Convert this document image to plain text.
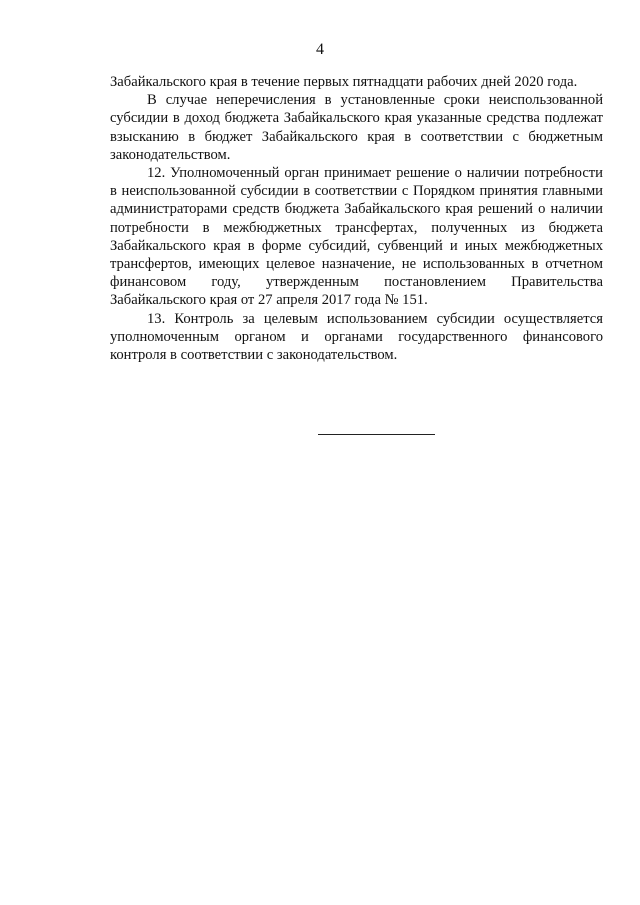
4

Забайкальского края в течение первых пятнадцати рабочих дней 2020 года.

В случае неперечисления в установленные сроки неиспользованной субсидии в доход бюджета Забайкальского края указанные средства подлежат взысканию в бюджет Забайкальского края в соответствии с бюджетным законодательством.

12. Уполномоченный орган принимает решение о наличии потребности в неиспользованной субсидии в соответствии с Порядком принятия главными администраторами средств бюджета Забайкальского края решений о наличии потребности в межбюджетных трансфертах, полученных из бюджета Забайкальского края в форме субсидий, субвенций и иных межбюджетных трансфертов, имеющих целевое назначение, не использованных в отчетном финансовом году, утвержденным постановлением Правительства Забайкальского края от 27 апреля 2017 года № 151.

13. Контроль за целевым использованием субсидии осуществляется уполномоченным органом и органами государственного финансового контроля в соответствии с законодательством.
